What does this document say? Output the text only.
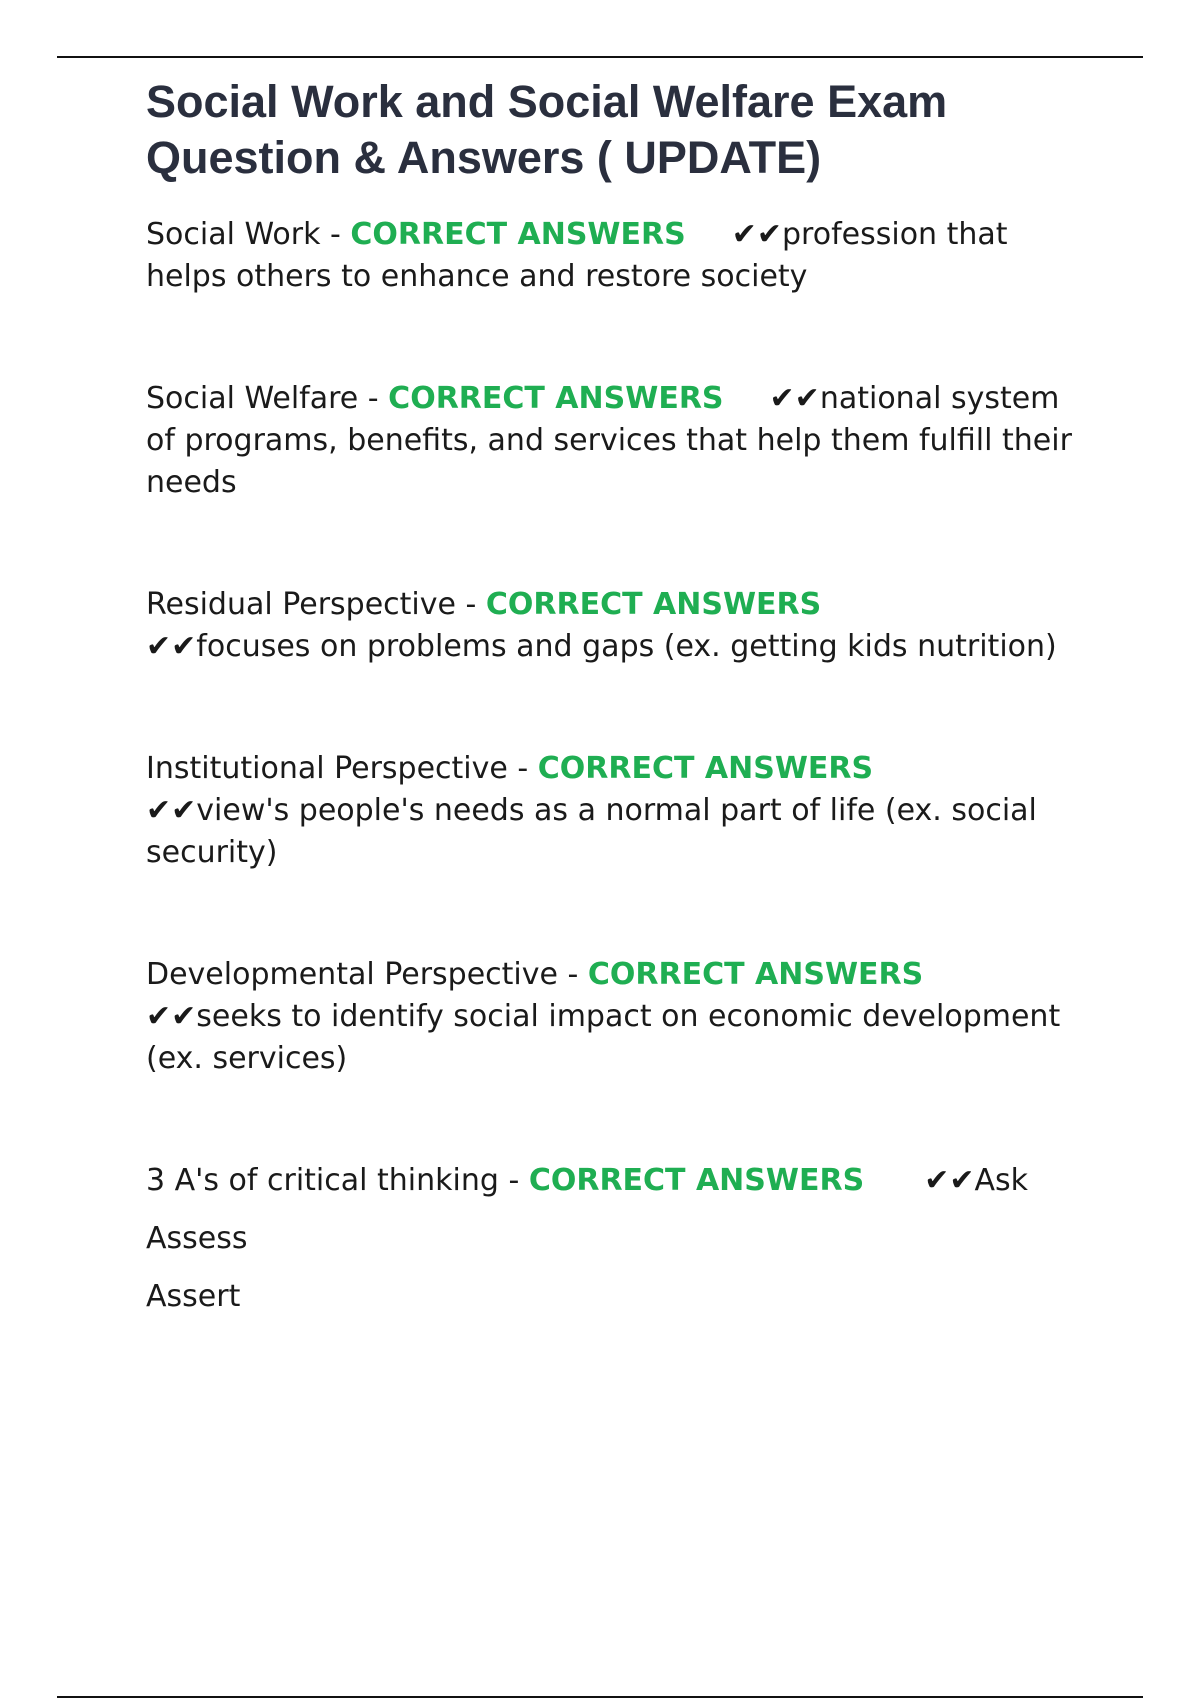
Social Work and Social Welfare Exam
Question & Answers ( UPDATE)

Social Work - CORRECT ANSWERS ✔✔profession that helps others to enhance and restore society

Social Welfare - CORRECT ANSWERS ✔✔national system of programs, benefits, and services that help them fulfill their needs

Residual Perspective - CORRECT ANSWERS
✔✔focuses on problems and gaps (ex. getting kids nutrition)

Institutional Perspective - CORRECT ANSWERS
✔✔view's people's needs as a normal part of life (ex. social security)

Developmental Perspective - CORRECT ANSWERS
✔✔seeks to identify social impact on economic development (ex. services)

3 A's of critical thinking - CORRECT ANSWERS ✔✔Ask

Assess

Assert
